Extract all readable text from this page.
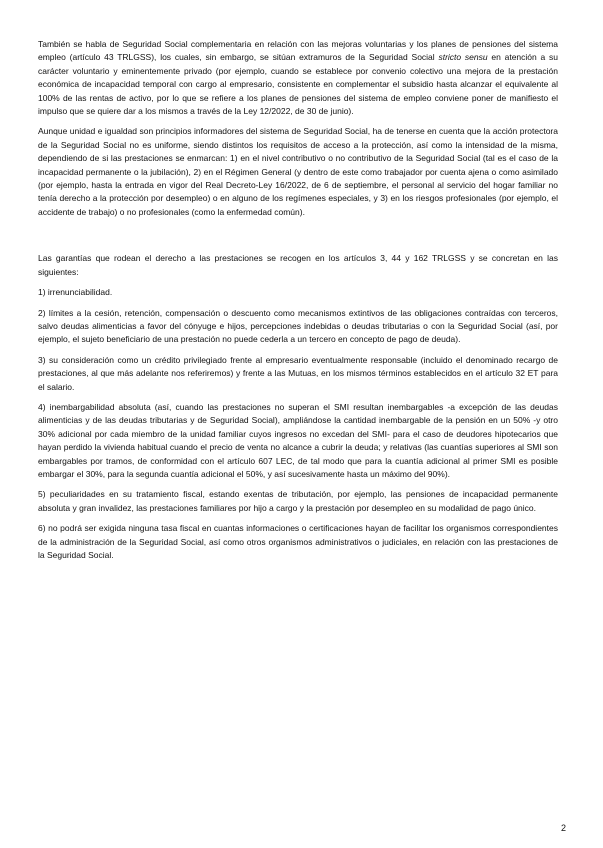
También se habla de Seguridad Social complementaria en relación con las mejoras voluntarias y los planes de pensiones del sistema empleo (artículo 43 TRLGSS), los cuales, sin embargo, se sitúan extramuros de la Seguridad Social stricto sensu en atención a su carácter voluntario y eminentemente privado (por ejemplo, cuando se establece por convenio colectivo una mejora de la prestación económica de incapacidad temporal con cargo al empresario, consistente en complementar el subsidio hasta alcanzar el equivalente al 100% de las rentas de activo, por lo que se refiere a los planes de pensiones del sistema de empleo conviene poner de manifiesto el impulso que se quiere dar a los mismos a través de la Ley 12/2022, de 30 de junio).

Aunque unidad e igualdad son principios informadores del sistema de Seguridad Social, ha de tenerse en cuenta que la acción protectora de la Seguridad Social no es uniforme, siendo distintos los requisitos de acceso a la protección, así como la intensidad de la misma, dependiendo de si las prestaciones se enmarcan: 1) en el nivel contributivo o no contributivo de la Seguridad Social (tal es el caso de la incapacidad permanente o la jubilación), 2) en el Régimen General (y dentro de este como trabajador por cuenta ajena o como asimilado (por ejemplo, hasta la entrada en vigor del Real Decreto-Ley 16/2022, de 6 de septiembre, el personal al servicio del hogar familiar no tenía derecho a la protección por desempleo) o en alguno de los regímenes especiales, y 3) en los riesgos profesionales (por ejemplo, el accidente de trabajo) o no profesionales (como la enfermedad común).

Las garantías que rodean el derecho a las prestaciones se recogen en los artículos 3, 44 y 162 TRLGSS y se concretan en las siguientes:

1) irrenunciabilidad.

2) límites a la cesión, retención, compensación o descuento como mecanismos extintivos de las obligaciones contraídas con terceros, salvo deudas alimenticias a favor del cónyuge e hijos, percepciones indebidas o deudas tributarias o con la Seguridad Social (así, por ejemplo, el sujeto beneficiario de una prestación no puede cederla a un tercero en concepto de pago de deuda).

3) su consideración como un crédito privilegiado frente al empresario eventualmente responsable (incluido el denominado recargo de prestaciones, al que más adelante nos referiremos) y frente a las Mutuas, en los mismos términos establecidos en el artículo 32 ET para el salario.

4) inembargabilidad absoluta (así, cuando las prestaciones no superan el SMI resultan inembargables -a excepción de las deudas alimenticias y de las deudas tributarias y de Seguridad Social), ampliándose la cantidad inembargable de la pensión en un 50% -y otro 30% adicional por cada miembro de la unidad familiar cuyos ingresos no excedan del SMI- para el caso de deudores hipotecarios que hayan perdido la vivienda habitual cuando el precio de venta no alcance a cubrir la deuda; y relativas (las cuantías superiores al SMI son embargables por tramos, de conformidad con el artículo 607 LEC, de tal modo que para la cuantía adicional al primer SMI es posible embargar el 30%, para la segunda cuantía adicional el 50%, y así sucesivamente hasta un máximo del 90%).

5) peculiaridades en su tratamiento fiscal, estando exentas de tributación, por ejemplo, las pensiones de incapacidad permanente absoluta y gran invalidez, las prestaciones familiares por hijo a cargo y la prestación por desempleo en su modalidad de pago único.

6) no podrá ser exigida ninguna tasa fiscal en cuantas informaciones o certificaciones hayan de facilitar los organismos correspondientes de la administración de la Seguridad Social, así como otros organismos administrativos o judiciales, en relación con las prestaciones de la Seguridad Social.

2
